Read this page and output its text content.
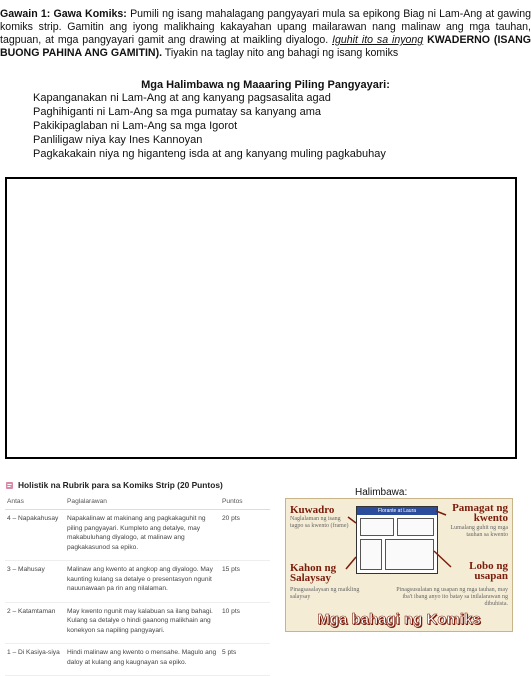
Gawain 1: Gawa Komiks: Pumili ng isang mahalagang pangyayari mula sa epikong Biag ni Lam-Ang at gawing komiks strip. Gamitin ang iyong malikhaing kakayahan upang mailarawan nang malinaw ang mga tauhan, tagpuan, at mga pangyayari gamit ang drawing at maikling diyalogo. Iguhit ito sa inyong KWADERNO (ISANG BUONG PAHINA ANG GAMITIN). Tiyakin na taglay nito ang bahagi ng isang komiks
Mga Halimbawa ng Maaaring Piling Pangyayari:
Kapanganakan ni Lam-Ang at ang kanyang pagsasalita agad
Paghihiganti ni Lam-Ang sa mga pumatay sa kanyang ama
Pakikipaglaban ni Lam-Ang sa mga Igorot
Panliligaw niya kay Ines Kannoyan
Pagkakakain niya ng higanteng isda at ang kanyang muling pagkabuhay
Holistik na Rubrik para sa Komiks Strip (20 Puntos)
Antas	Paglalarawan	Puntos
4 – Napakahusay	Napakalinaw at makinang ang pagkakaguhit ng piling pangyayari. Kumpleto ang detalye, may makabuluhang diyalogo, at malinaw ang pagkakasunod sa epiko.	20 pts
3 – Mahusay	Malinaw ang kwento at angkop ang diyalogo. May kaunting kulang sa detalye o presentasyon ngunit nauunawaan pa rin ang nilalaman.	15 pts
2 – Katamtaman	May kwento ngunit may kalabuan sa ilang bahagi. Kulang sa detalye o hindi gaanong malikhain ang konekyon sa napiling pangyayari.	10 pts
1 – Di Kasiya-siya	Hindi malinaw ang kwento o mensahe. Magulo ang daloy at kulang ang kaugnayan sa epiko.	5 pts
Halimbawa:
Kuwadro
Naglalaman ng isang tagpo sa kwento (frame)
Florante at Laura	Pamagat ng kwento
Lumalang guhit ng mga tauhan sa kwento
Kahon ng Salaysay
Pinagsasalaysan ng maikling salaysay
Lobo ng usapan
Pinagsusulatan ng usapan ng mga tauhan, may iba't ibang anyo ito batay sa inilalarawan ng dibuhista.
Mga bahagi ng Komiks
